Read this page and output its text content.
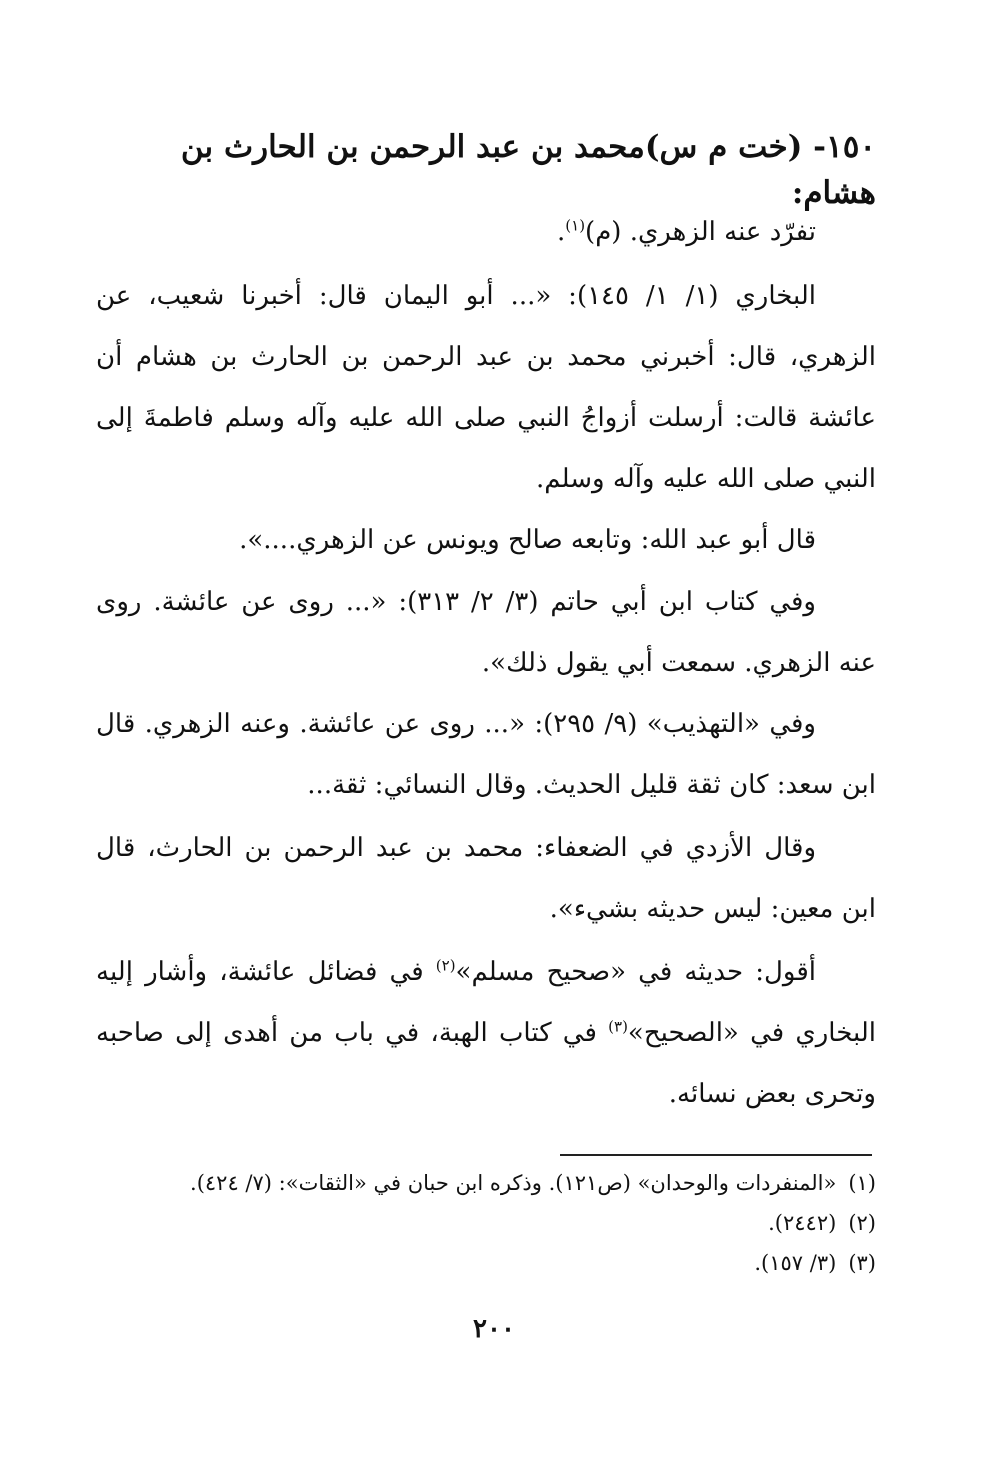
١٥٠- (خت م س)محمد بن عبد الرحمن بن الحارث بن هشام:

تفرّد عنه الزهري. (م)$^{(١)}$.

البخاري (١/ ١/ ١٤٥): «... أبو اليمان قال: أخبرنا شعيب، عن الزهري، قال: أخبرني محمد بن عبد الرحمن بن الحارث بن هشام أن عائشة قالت: أرسلت أزواجُ النبي صلى الله عليه وآله وسلم فاطمةَ إلى النبي صلى الله عليه وآله وسلم.

قال أبو عبد الله: وتابعه صالح ويونس عن الزهري....».

وفي كتاب ابن أبي حاتم (٣/ ٢/ ٣١٣): «... روى عن عائشة. روى عنه الزهري. سمعت أبي يقول ذلك».

وفي «التهذيب» (٩/ ٢٩٥): «... روى عن عائشة. وعنه الزهري. قال ابن سعد: كان ثقة قليل الحديث. وقال النسائي: ثقة...

وقال الأزدي في الضعفاء: محمد بن عبد الرحمن بن الحارث، قال ابن معين: ليس حديثه بشيء».

أقول: حديثه في «صحيح مسلم»$^{(٢)}$ في فضائل عائشة، وأشار إليه البخاري في «الصحيح»$^{(٣)}$ في كتاب الهبة، في باب من أهدى إلى صاحبه وتحرى بعض نسائه.

(١)«المنفردات والوحدان» (ص١٢١). وذكره ابن حبان في «الثقات»: (٧/ ٤٢٤).
(٢)(٢٤٤٢).
(٣)(٣/ ١٥٧).
٢٠٠
